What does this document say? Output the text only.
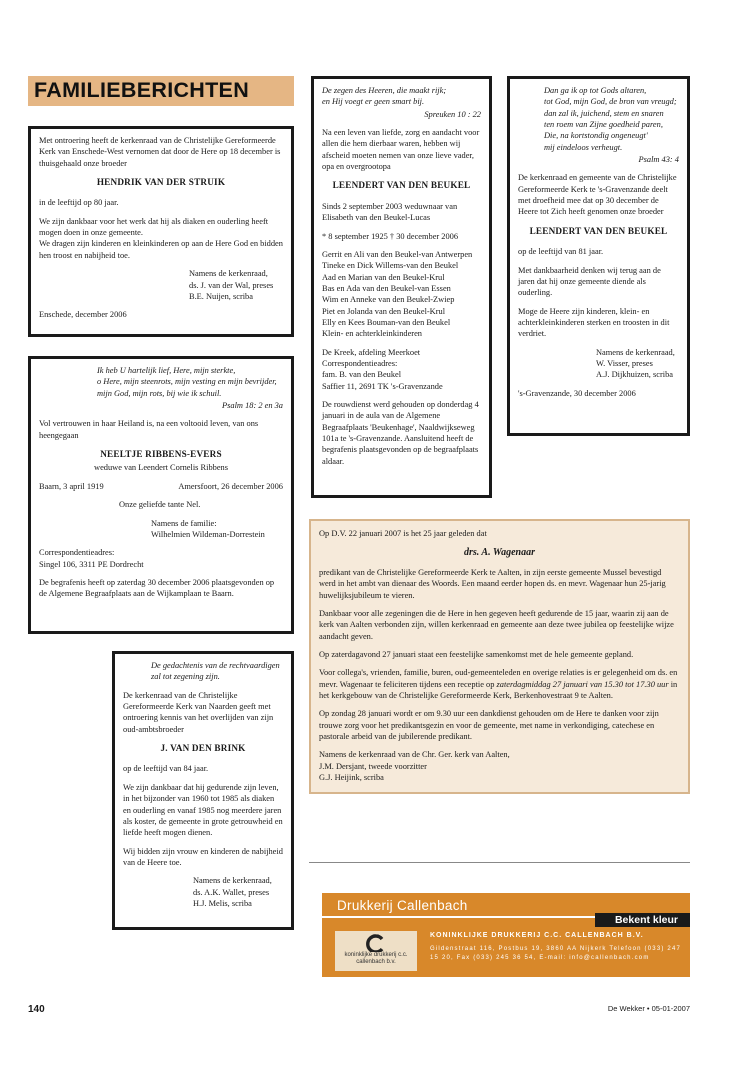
FAMILIEBERICHTEN

Met ontroering heeft de kerkenraad van de Christelijke Gereformeerde Kerk van Enschede-West vernomen dat door de Here op 18 december is thuisgehaald onze broeder

HENDRIK VAN DER STRUIK

in de leeftijd op 80 jaar.

We zijn dankbaar voor het werk dat hij als diaken en ouderling heeft mogen doen in onze gemeente.
We dragen zijn kinderen en kleinkinderen op aan de Here God en bidden hen troost en nabijheid toe.

Namens de kerkenraad,
ds. J. van der Wal, preses
B.E. Nuijen, scriba

Enschede, december 2006

Ik heb U hartelijk lief, Here, mijn sterkte,
o Here, mijn steenrots, mijn vesting en mijn bevrijder,
mijn God, mijn rots, bij wie ik schuil.

Psalm 18: 2 en 3a

Vol vertrouwen in haar Heiland is, na een voltooid leven, van ons heengegaan

NEELTJE RIBBENS-EVERS

weduwe van Leendert Cornelis Ribbens

Baarn, 3 april 1919	Amersfoort, 26 december 2006

Onze geliefde tante Nel.

Namens de familie:
Wilhelmien Wildeman-Dorrestein

Correspondentieadres:
Singel 106, 3311 PE Dordrecht

De begrafenis heeft op zaterdag 30 december 2006 plaatsgevonden op de Algemene Begraafplaats aan de Wijkamplaan te Baarn.

De gedachtenis van de rechtvaardigen
zal tot zegening zijn.

De kerkenraad van de Christelijke Gereformeerde Kerk van Naarden geeft met ontroering kennis van het overlijden van zijn oud-ambtsbroeder

J. VAN DEN BRINK

op de leeftijd van 84 jaar.

We zijn dankbaar dat hij gedurende zijn leven, in het bijzonder van 1960 tot 1985 als diaken en ouderling en vanaf 1985 nog meerdere jaren als koster, de gemeente in grote getrouwheid en liefde heeft mogen dienen.

Wij bidden zijn vrouw en kinderen de nabijheid van de Heere toe.

Namens de kerkenraad,
ds. A.K. Wallet, preses
H.J. Melis, scriba

De zegen des Heeren, die maakt rijk;
en Hij voegt er geen smart bij.

Spreuken 10 : 22

Na een leven van liefde, zorg en aandacht voor allen die hem dierbaar waren, hebben wij afscheid moeten nemen van onze lieve vader, opa en overgrootopa

LEENDERT VAN DEN BEUKEL

Sinds 2 september 2003 weduwnaar van Elisabeth van den Beukel-Lucas

* 8 september 1925 † 30 december 2006

Gerrit en Ali van den Beukel-van Antwerpen
Tineke en Dick Willems-van den Beukel
Aad en Marian van den Beukel-Krul
Bas en Ada van den Beukel-van Essen
Wim en Anneke van den Beukel-Zwiep
Piet en Jolanda van den Beukel-Krul
Elly en Kees Bouman-van den Beukel
Klein- en achterkleinkinderen

De Kreek, afdeling Meerkoet
Correspondentieadres:
fam. B. van den Beukel
Saffier 11, 2691 TK 's-Gravenzande

De rouwdienst werd gehouden op donderdag 4 januari in de aula van de Algemene Begraafplaats 'Beukenhage', Naaldwijkseweg 101a te 's-Gravenzande. Aansluitend heeft de begrafenis plaatsgevonden op de begraafplaats aldaar.

Dan ga ik op tot Gods altaren,
tot God, mijn God, de bron van vreugd;
dan zal ik, juichend, stem en snaren
ten roem van Zijne goedheid paren,
Die, na kortstondig ongeneugt'
mij eindeloos verheugt.

Psalm 43: 4

De kerkenraad en gemeente van de Christelijke Gereformeerde Kerk te 's-Gravenzande deelt met droefheid mee dat op 30 december de Heere tot Zich heeft genomen onze broeder

LEENDERT VAN DEN BEUKEL

op de leeftijd van 81 jaar.

Met dankbaarheid denken wij terug aan de jaren dat hij onze gemeente diende als ouderling.

Moge de Heere zijn kinderen, klein- en achterkleinkinderen sterken en troosten in dit verdriet.

Namens de kerkenraad,
W. Visser, preses
A.J. Dijkhuizen, scriba

's-Gravenzande, 30 december 2006

Op D.V. 22 januari 2007 is het 25 jaar geleden dat

drs. A. Wagenaar

predikant van de Christelijke Gereformeerde Kerk te Aalten, in zijn eerste gemeente Mussel bevestigd werd in het ambt van dienaar des Woords. Een maand eerder hopen ds. en mevr. Wagenaar hun 25-jarig huwelijksjubileum te vieren.

Dankbaar voor alle zegeningen die de Here in hen gegeven heeft gedurende de 15 jaar, waarin zij aan de kerk van Aalten verbonden zijn, willen kerkenraad en gemeente aan deze twee jubilea op feestelijke wijze aandacht geven.

Op zaterdagavond 27 januari staat een feestelijke samenkomst met de hele gemeente gepland.

Voor collega's, vrienden, familie, buren, oud-gemeenteleden en overige relaties is er gelegenheid om ds. en mevr. Wagenaar te feliciteren tijdens een receptie op zaterdagmiddag 27 januari van 15.30 tot 17.30 uur in het kerkgebouw van de Christelijke Gereformeerde Kerk, Berkenhovestraat 9 te Aalten.

Op zondag 28 januari wordt er om 9.30 uur een dankdienst gehouden om de Here te danken voor zijn trouwe zorg voor het predikantsgezin en voor de gemeente, met name in verkondiging, catechese en pastorale arbeid van de jubilerende predikant.

Namens de kerkenraad van de Chr. Ger. kerk van Aalten,
J.M. Dersjant, tweede voorzitter
G.J. Heijink, scriba

Drukkerij Callenbach
Bekent kleur
koninklijke drukkerij c.c. callenbach b.v.
KONINKLIJKE DRUKKERIJ C.C. CALLENBACH B.V.
Gildenstraat 116, Postbus 19, 3860 AA Nijkerk Telefoon (033) 247 15 20, Fax (033) 245 36 54, E-mail: info@callenbach.com
140	De Wekker • 05-01-2007
